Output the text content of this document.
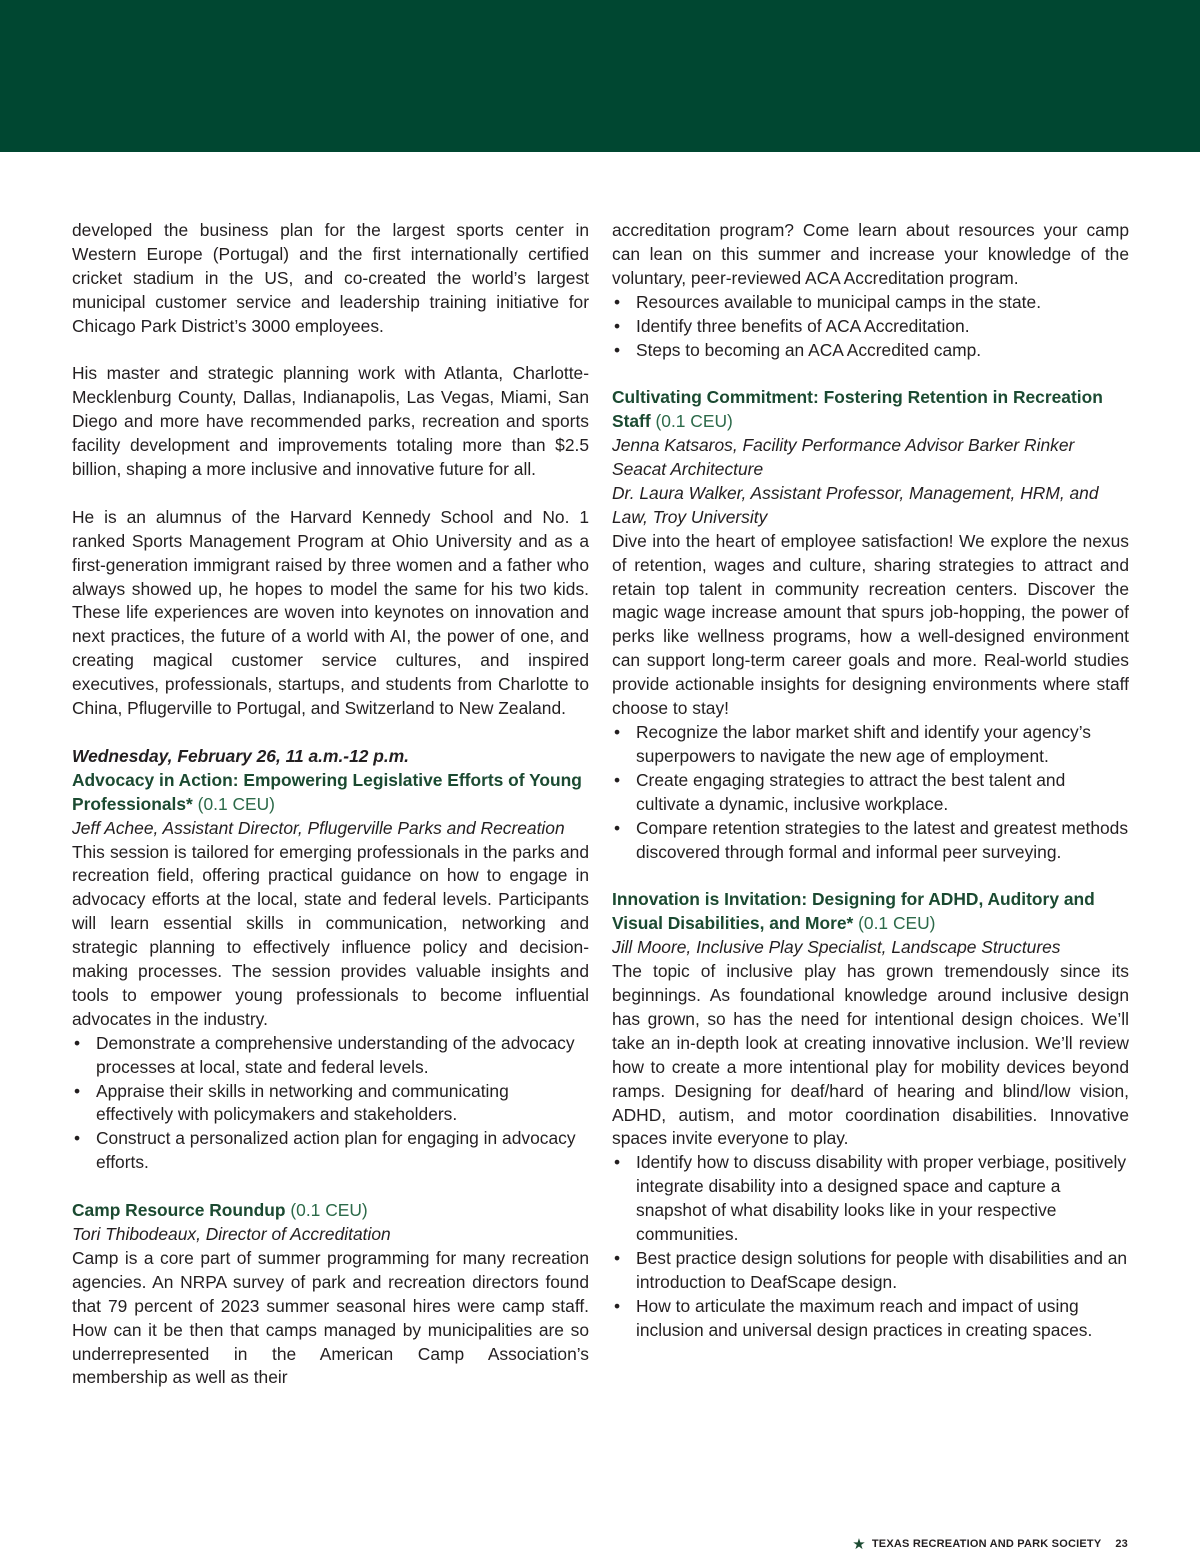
developed the business plan for the largest sports center in Western Europe (Portugal) and the first internationally certified cricket stadium in the US, and co-created the world’s largest municipal customer service and leadership training initiative for Chicago Park District’s 3000 employees.

His master and strategic planning work with Atlanta, Charlotte-Mecklenburg County, Dallas, Indianapolis, Las Vegas, Miami, San Diego and more have recommended parks, recreation and sports facility development and improvements totaling more than $2.5 billion, shaping a more inclusive and innovative future for all.

He is an alumnus of the Harvard Kennedy School and No. 1 ranked Sports Management Program at Ohio University and as a first-generation immigrant raised by three women and a father who always showed up, he hopes to model the same for his two kids. These life experiences are woven into keynotes on innovation and next practices, the future of a world with AI, the power of one, and creating magical customer service cultures, and inspired executives, professionals, startups, and students from Charlotte to China, Pflugerville to Portugal, and Switzerland to New Zealand.

Wednesday, February 26, 11 a.m.-12 p.m.

Advocacy in Action: Empowering Legislative Efforts of Young Professionals* (0.1 CEU)

Jeff Achee, Assistant Director, Pflugerville Parks and Recreation

This session is tailored for emerging professionals in the parks and recreation field, offering practical guidance on how to engage in advocacy efforts at the local, state and federal levels. Participants will learn essential skills in communication, networking and strategic planning to effectively influence policy and decision-making processes. The session provides valuable insights and tools to empower young professionals to become influential advocates in the industry.

• Demonstrate a comprehensive understanding of the advocacy processes at local, state and federal levels.
• Appraise their skills in networking and communicating effectively with policymakers and stakeholders.
• Construct a personalized action plan for engaging in advocacy efforts.

Camp Resource Roundup (0.1 CEU)

Tori Thibodeaux, Director of Accreditation

Camp is a core part of summer programming for many recreation agencies. An NRPA survey of park and recreation directors found that 79 percent of 2023 summer seasonal hires were camp staff. How can it be then that camps managed by municipalities are so underrepresented in the American Camp Association’s membership as well as their

accreditation program? Come learn about resources your camp can lean on this summer and increase your knowledge of the voluntary, peer-reviewed ACA Accreditation program.

• Resources available to municipal camps in the state.
• Identify three benefits of ACA Accreditation.
• Steps to becoming an ACA Accredited camp.

Cultivating Commitment: Fostering Retention in Recreation Staff (0.1 CEU)

Jenna Katsaros, Facility Performance Advisor Barker Rinker Seacat Architecture

Dr. Laura Walker, Assistant Professor, Management, HRM, and Law, Troy University

Dive into the heart of employee satisfaction! We explore the nexus of retention, wages and culture, sharing strategies to attract and retain top talent in community recreation centers. Discover the magic wage increase amount that spurs job-hopping, the power of perks like wellness programs, how a well-designed environment can support long-term career goals and more. Real-world studies provide actionable insights for designing environments where staff choose to stay!

• Recognize the labor market shift and identify your agency’s superpowers to navigate the new age of employment.
• Create engaging strategies to attract the best talent and cultivate a dynamic, inclusive workplace.
• Compare retention strategies to the latest and greatest methods discovered through formal and informal peer surveying.

Innovation is Invitation: Designing for ADHD, Auditory and Visual Disabilities, and More* (0.1 CEU)

Jill Moore, Inclusive Play Specialist, Landscape Structures

The topic of inclusive play has grown tremendously since its beginnings. As foundational knowledge around inclusive design has grown, so has the need for intentional design choices. We’ll take an in-depth look at creating innovative inclusion. We’ll review how to create a more intentional play for mobility devices beyond ramps. Designing for deaf/hard of hearing and blind/low vision, ADHD, autism, and motor coordination disabilities. Innovative spaces invite everyone to play.

• Identify how to discuss disability with proper verbiage, positively integrate disability into a designed space and capture a snapshot of what disability looks like in your respective communities.
• Best practice design solutions for people with disabilities and an introduction to DeafScape design.
• How to articulate the maximum reach and impact of using inclusion and universal design practices in creating spaces.
★ TEXAS RECREATION AND PARK SOCIETY 23
